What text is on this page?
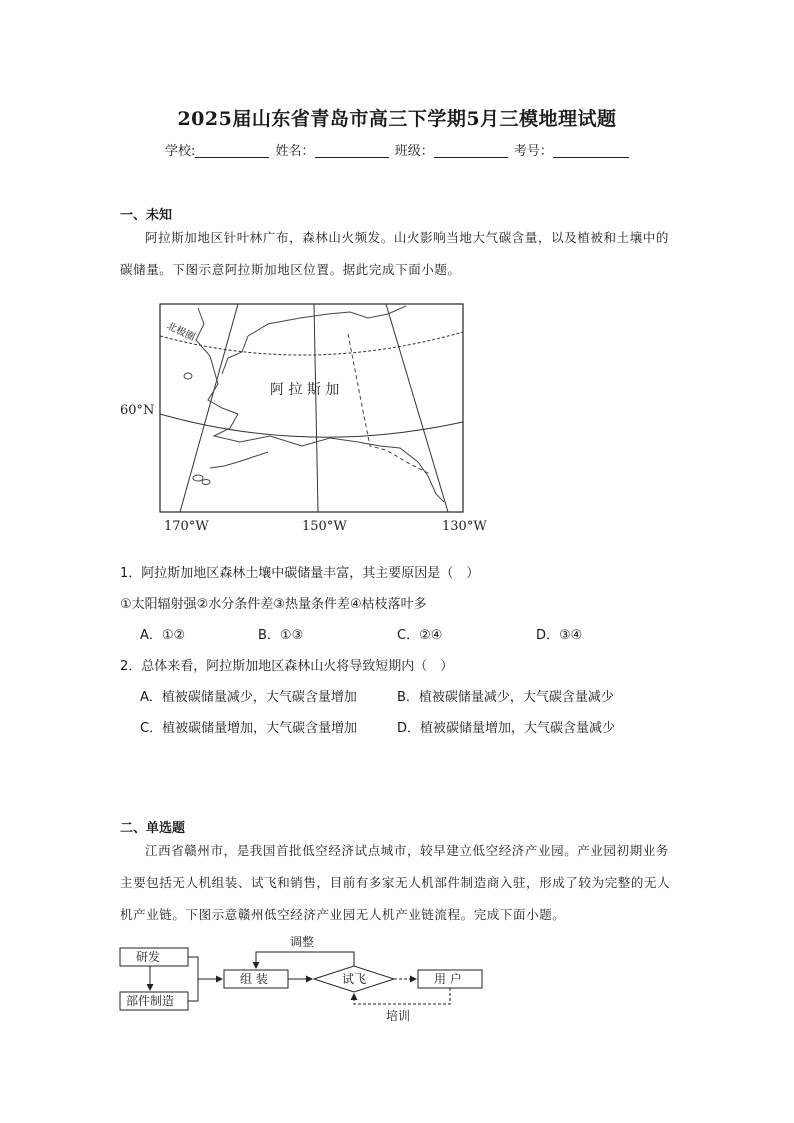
2025届山东省青岛市高三下学期5月三模地理试题
学校:	姓名：	班级：	考号：
一、未知
阿拉斯加地区针叶林广布，森林山火频发。山火影响当地大气碳含量，以及植被和土壤中的碳储量。下图示意阿拉斯加地区位置。据此完成下面小题。
北极圈
阿 拉 斯 加
60°N
170°W	150°W	130°W
1．阿拉斯加地区森林土壤中碳储量丰富，其主要原因是（　）
①太阳辐射强②水分条件差③热量条件差④枯枝落叶多
A．①②	B．①③	C．②④	D．③④
2．总体来看，阿拉斯加地区森林山火将导致短期内（　）
A．植被碳储量减少，大气碳含量增加	B．植被碳储量减少，大气碳含量减少
C．植被碳储量增加，大气碳含量增加	D．植被碳储量增加，大气碳含量减少
二、单选题
江西省赣州市，是我国首批低空经济试点城市，较早建立低空经济产业园。产业园初期业务主要包括无人机组装、试飞和销售，目前有多家无人机部件制造商入驻，形成了较为完整的无人机产业链。下图示意赣州低空经济产业园无人机产业链流程。完成下面小题。
研发
部件制造
组 装	试飞	用 户
调整
培训
